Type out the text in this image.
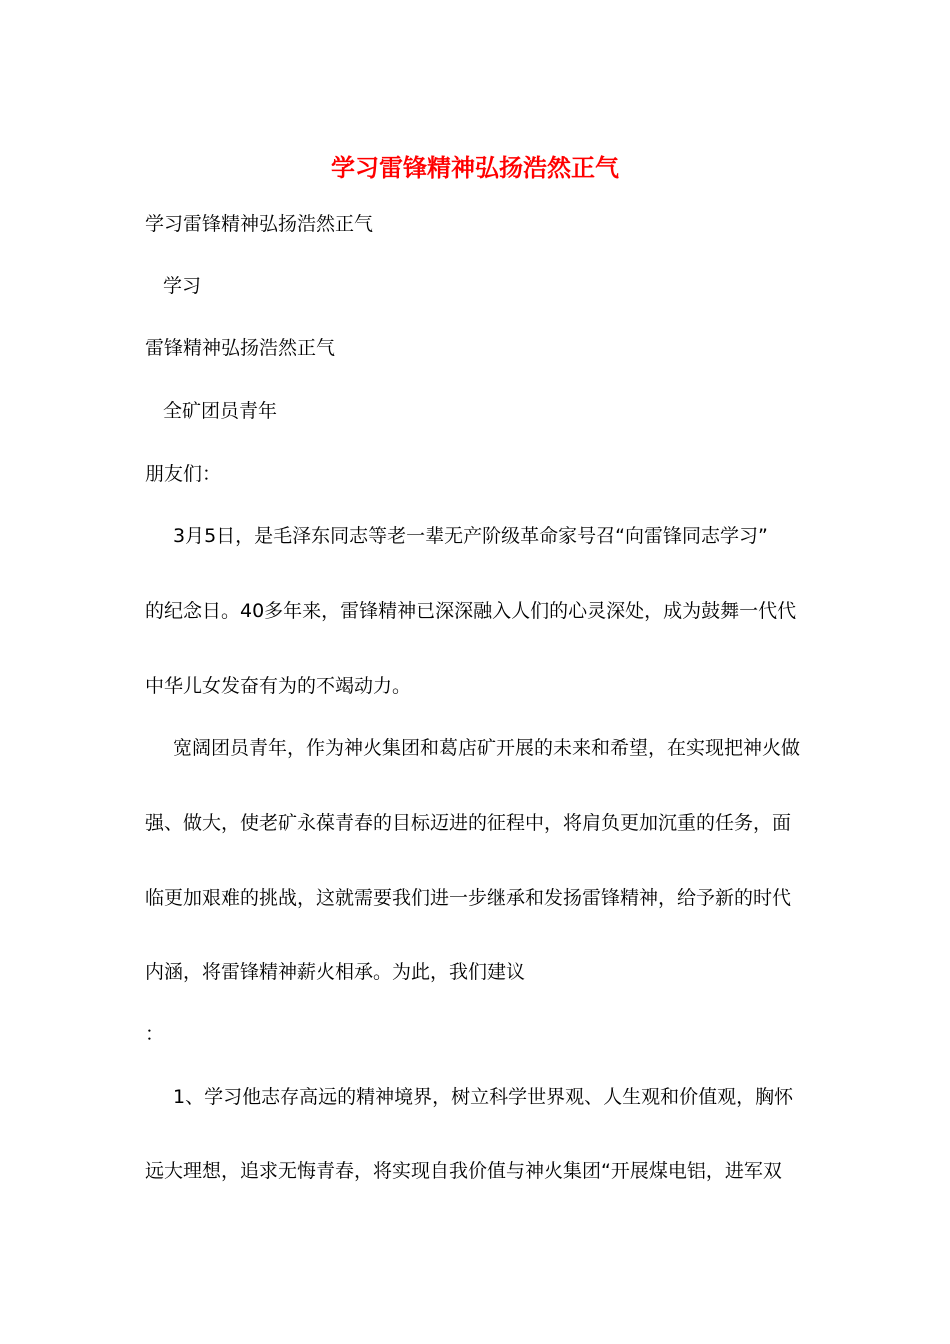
学习雷锋精神弘扬浩然正气

学习雷锋精神弘扬浩然正气

学习

雷锋精神弘扬浩然正气

全矿团员青年

朋友们：

3月5日，是毛泽东同志等老一辈无产阶级革命家号召“向雷锋同志学习”

的纪念日。40多年来，雷锋精神已深深融入人们的心灵深处，成为鼓舞一代代

中华儿女发奋有为的不竭动力。

宽阔团员青年，作为神火集团和葛店矿开展的未来和希望，在实现把神火做

强、做大，使老矿永葆青春的目标迈进的征程中，将肩负更加沉重的任务，面

临更加艰难的挑战，这就需要我们进一步继承和发扬雷锋精神，给予新的时代

内涵，将雷锋精神薪火相承。为此，我们建议

：

1、学习他志存高远的精神境界，树立科学世界观、人生观和价值观，胸怀

远大理想，追求无悔青春，将实现自我价值与神火集团“开展煤电铝，进军双
